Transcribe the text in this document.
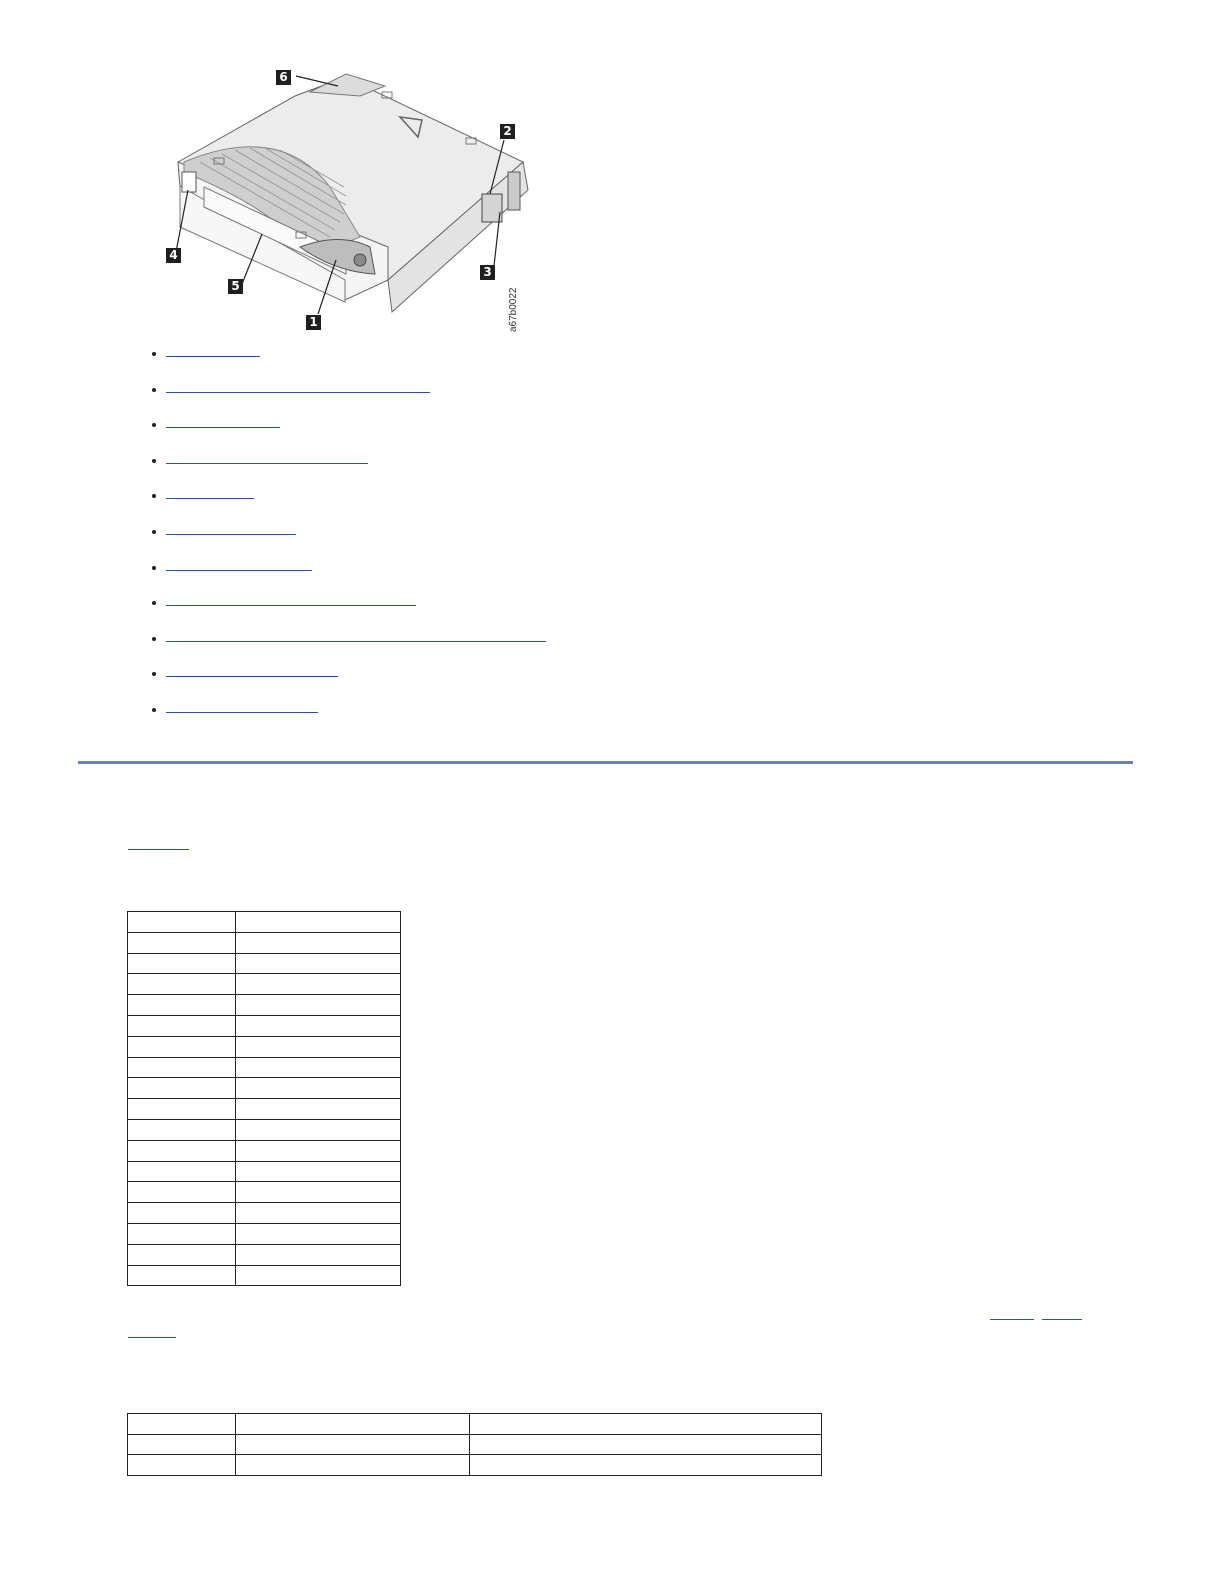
6
2
3
4
5
1	a67b0022
•
•
•
•
•
•
•
•
•
•
•
